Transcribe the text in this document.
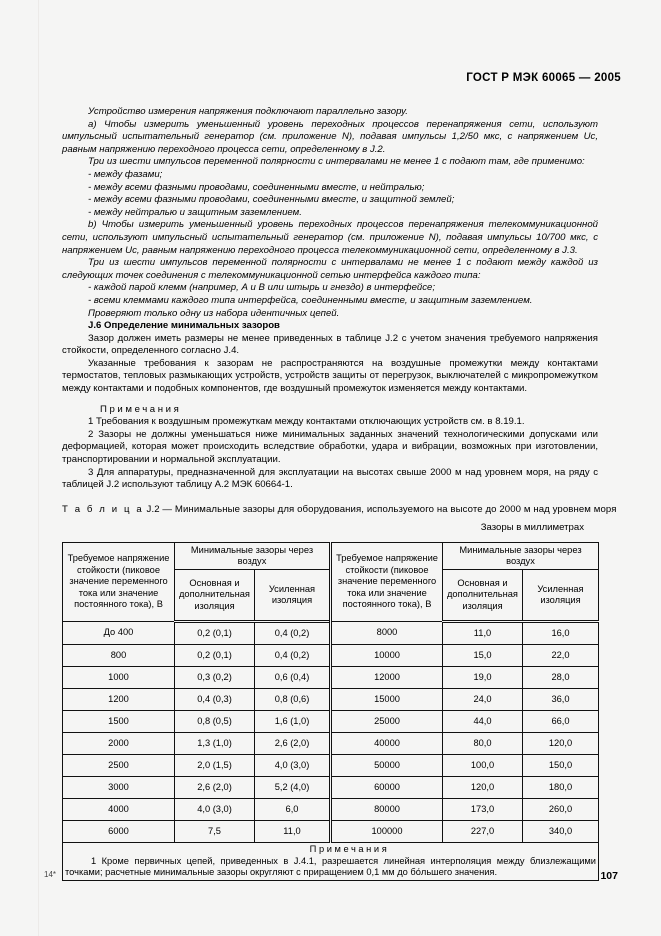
ГОСТ Р МЭК 60065 — 2005

Устройство измерения напряжения подключают параллельно зазору.

a) Чтобы измерить уменьшенный уровень переходных процессов перенапряжения сети, используют импульсный испытательный генератор (см. приложение N), подавая импульсы 1,2/50 мкс, с напряжением Uc, равным напряжению переходного процесса сети, определенному в J.2.

Три из шести импульсов переменной полярности с интервалами не менее 1 с подают там, где применимо:

- между фазами;

- между всеми фазными проводами, соединенными вместе, и нейтралью;

- между всеми фазными проводами, соединенными вместе, и защитной землей;

- между нейтралью и защитным заземлением.

b) Чтобы измерить уменьшенный уровень переходных процессов перенапряжения телекоммуникационной сети, используют импульсный испытательный генератор (см. приложение N), подавая импульсы 10/700 мкс, с напряжением Uc, равным напряжению переходного процесса телекоммуникационной сети, определенному в J.3.

Три из шести импульсов переменной полярности с интервалами не менее 1 с подают между каждой из следующих точек соединения с телекоммуникационной сетью интерфейса каждого типа:

- каждой парой клемм (например, А и В или штырь и гнездо) в интерфейсе;

- всеми клеммами каждого типа интерфейса, соединенными вместе, и защитным заземлением.

Проверяют только одну из набора идентичных цепей.

J.6 Определение минимальных зазоров

Зазор должен иметь размеры не менее приведенных в таблице J.2 с учетом значения требуемого напряжения стойкости, определенного согласно J.4.

Указанные требования к зазорам не распространяются на воздушные промежутки между контактами термостатов, тепловых размыкающих устройств, устройств защиты от перегрузок, выключателей с микропромежутком между контактами и подобных компонентов, где воздушный промежуток изменяется между контактами.

Примечания

1 Требования к воздушным промежуткам между контактами отключающих устройств см. в 8.19.1.

2 Зазоры не должны уменьшаться ниже минимальных заданных значений технологическими допусками или деформацией, которая может происходить вследствие обработки, удара и вибрации, возможных при изготовлении, транспортировании и нормальной эксплуатации.

3 Для аппаратуры, предназначенной для эксплуатации на высотах свыше 2000 м над уровнем моря, на ряду с таблицей J.2 используют таблицу А.2 МЭК 60664-1.

Т а б л и ц а J.2 — Минимальные зазоры для оборудования, используемого на высоте до 2000 м над уровнем моря

Зазоры в миллиметрах

Требуемое напряжение стойкости (пиковое значение переменного тока или значение постоянного тока), В	Минимальные зазоры через воздух		Требуемое напряжение стойкости (пиковое значение переменного тока или значение постоянного тока), В	Минимальные зазоры через воздух	
	Основная и дополнительная изоляция	Усиленная изоляция		Основная и дополнительная изоляция	Усиленная изоляция
До 400	0,2 (0,1)	0,4 (0,2)	8000	11,0	16,0
800	0,2 (0,1)	0,4 (0,2)	10000	15,0	22,0
1000	0,3 (0,2)	0,6 (0,4)	12000	19,0	28,0
1200	0,4 (0,3)	0,8 (0,6)	15000	24,0	36,0
1500	0,8 (0,5)	1,6 (1,0)	25000	44,0	66,0
2000	1,3 (1,0)	2,6 (2,0)	40000	80,0	120,0
2500	2,0 (1,5)	4,0 (3,0)	50000	100,0	150,0
3000	2,6 (2,0)	5,2 (4,0)	60000	120,0	180,0
4000	4,0 (3,0)	6,0	80000	173,0	260,0
6000	7,5	11,0	100000	227,0	340,0

Примечания
1 Кроме первичных цепей, приведенных в J.4.1, разрешается линейная интерполяция между близлежащими точками; расчетные минимальные зазоры округляют с приращением 0,1 мм до бо́льшего значения.					
14*	107
